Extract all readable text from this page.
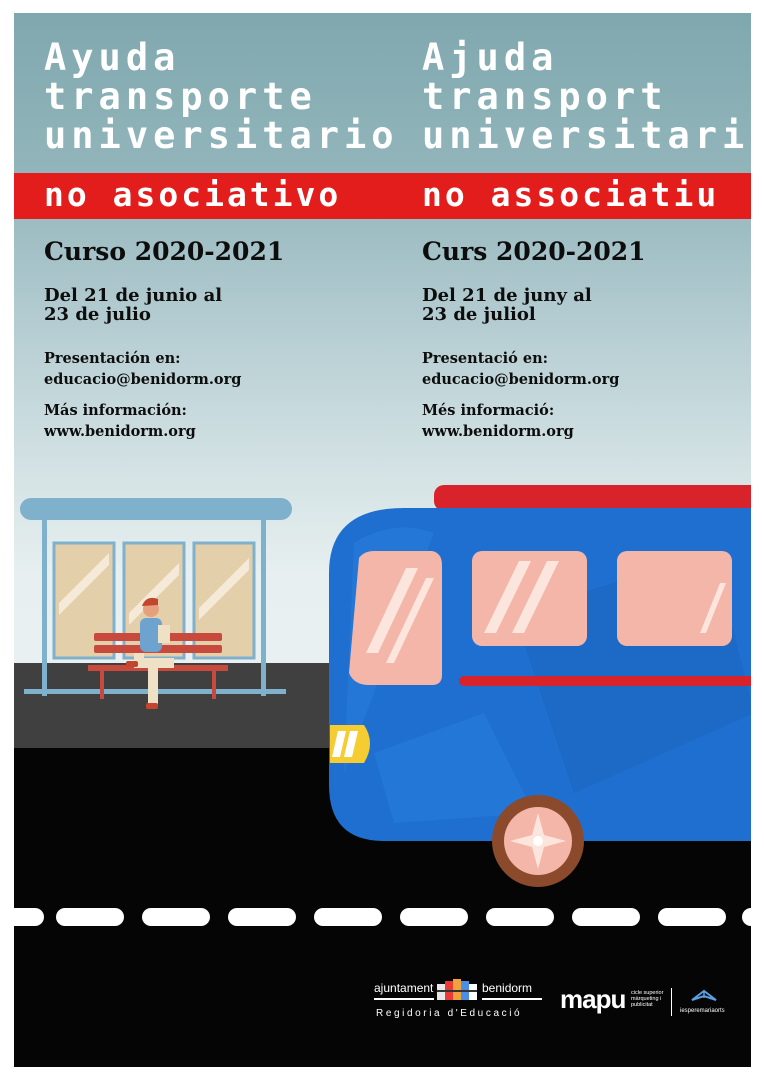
Ayuda
transporte
universitario
no asociativo
Curso 2020-2021
Del 21 de junio al
23 de julio
Presentación en:
educacio@benidorm.org
Más información:
www.benidorm.org
Ajuda
transport
universitari
no associatiu
Curs 2020-2021
Del 21 de juny al
23 de juliol
Presentació en:
educacio@benidorm.org
Més informació:
www.benidorm.org
ajuntament	benidorm
Regidoria d'Educació mapu cicle superior
màrqueting i
publicitat
iesperemariaorts
